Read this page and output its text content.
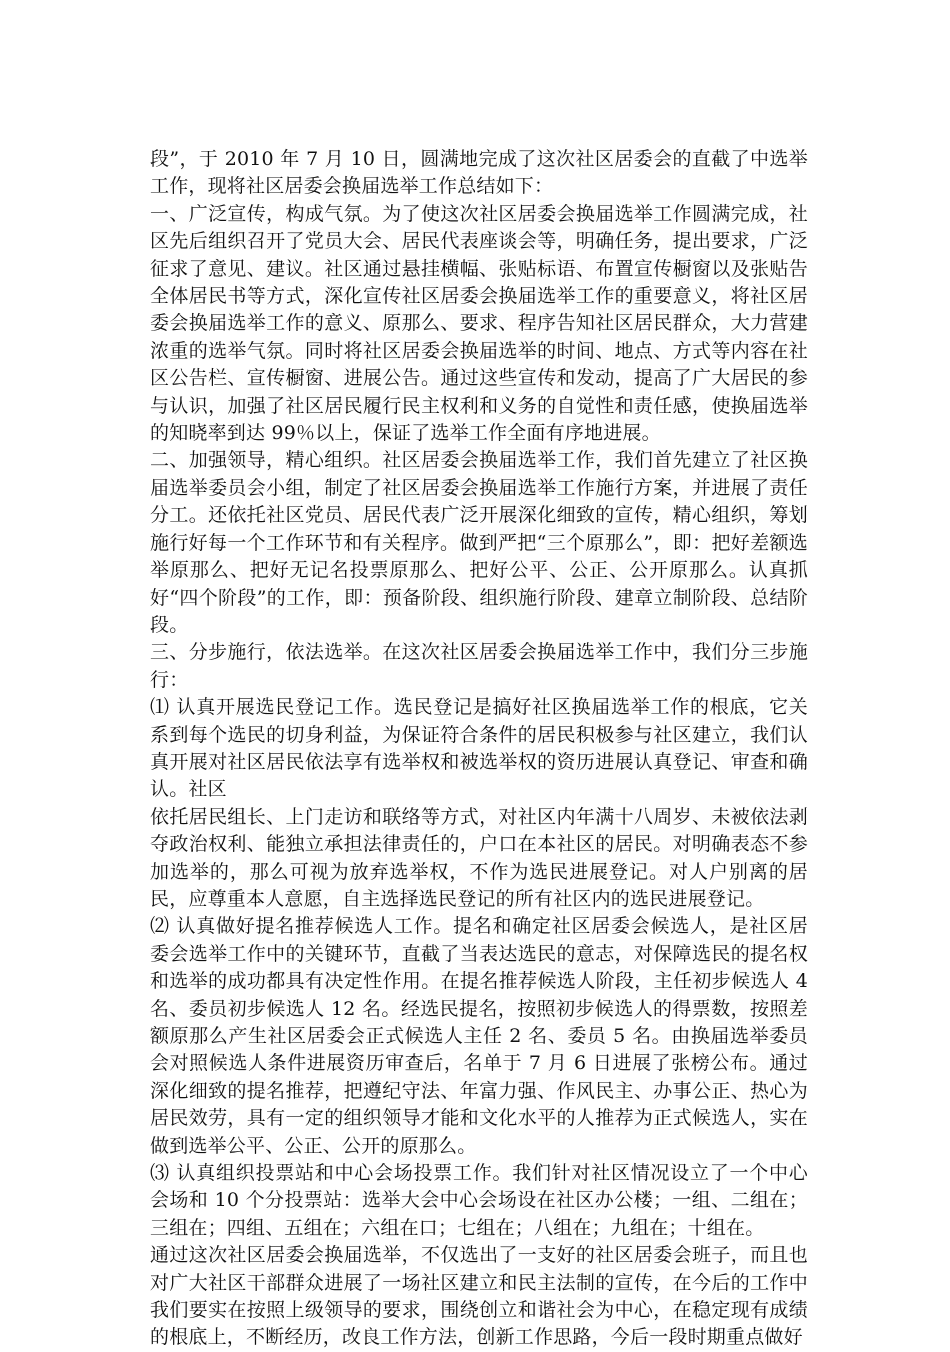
段”，于 2010 年 7 月 10 日，圆满地完成了这次社区居委会的直截了中选举工作，现将社区居委会换届选举工作总结如下：

一、广泛宣传，构成气氛。为了使这次社区居委会换届选举工作圆满完成，社区先后组织召开了党员大会、居民代表座谈会等，明确任务，提出要求，广泛征求了意见、建议。社区通过悬挂横幅、张贴标语、布置宣传橱窗以及张贴告全体居民书等方式，深化宣传社区居委会换届选举工作的重要意义，将社区居委会换届选举工作的意义、原那么、要求、程序告知社区居民群众，大力营建浓重的选举气氛。同时将社区居委会换届选举的时间、地点、方式等内容在社区公告栏、宣传橱窗、进展公告。通过这些宣传和发动，提高了广大居民的参与认识，加强了社区居民履行民主权利和义务的自觉性和责任感，使换届选举的知晓率到达 99％以上，保证了选举工作全面有序地进展。

二、加强领导，精心组织。社区居委会换届选举工作，我们首先建立了社区换届选举委员会小组，制定了社区居委会换届选举工作施行方案，并进展了责任分工。还依托社区党员、居民代表广泛开展深化细致的宣传，精心组织，筹划施行好每一个工作环节和有关程序。做到严把“三个原那么”，即：把好差额选举原那么、把好无记名投票原那么、把好公平、公正、公开原那么。认真抓好“四个阶段”的工作，即：预备阶段、组织施行阶段、建章立制阶段、总结阶段。

三、分步施行，依法选举。在这次社区居委会换届选举工作中，我们分三步施行：

⑴ 认真开展选民登记工作。选民登记是搞好社区换届选举工作的根底，它关系到每个选民的切身利益，为保证符合条件的居民积极参与社区建立，我们认真开展对社区居民依法享有选举权和被选举权的资历进展认真登记、审查和确认。社区

依托居民组长、上门走访和联络等方式，对社区内年满十八周岁、未被依法剥夺政治权利、能独立承担法律责任的，户口在本社区的居民。对明确表态不参加选举的，那么可视为放弃选举权，不作为选民进展登记。对人户别离的居民，应尊重本人意愿，自主选择选民登记的所有社区内的选民进展登记。

⑵ 认真做好提名推荐候选人工作。提名和确定社区居委会候选人，是社区居委会选举工作中的关键环节，直截了当表达选民的意志，对保障选民的提名权和选举的成功都具有决定性作用。在提名推荐候选人阶段，主任初步候选人 4 名、委员初步候选人 12 名。经选民提名，按照初步候选人的得票数，按照差额原那么产生社区居委会正式候选人主任 2 名、委员 5 名。由换届选举委员会对照候选人条件进展资历审查后，名单于 7 月 6 日进展了张榜公布。通过深化细致的提名推荐，把遵纪守法、年富力强、作风民主、办事公正、热心为居民效劳，具有一定的组织领导才能和文化水平的人推荐为正式候选人，实在做到选举公平、公正、公开的原那么。

⑶ 认真组织投票站和中心会场投票工作。我们针对社区情况设立了一个中心会场和 10 个分投票站：选举大会中心会场设在社区办公楼；一组、二组在；三组在；四组、五组在；六组在口；七组在；八组在；九组在；十组在。

通过这次社区居委会换届选举，不仅选出了一支好的社区居委会班子，而且也对广大社区干部群众进展了一场社区建立和民主法制的宣传，在今后的工作中我们要实在按照上级领导的要求，围绕创立和谐社会为中心，在稳定现有成绩的根底上，不断经历，改良工作方法，创新工作思路，今后一段时期重点做好
